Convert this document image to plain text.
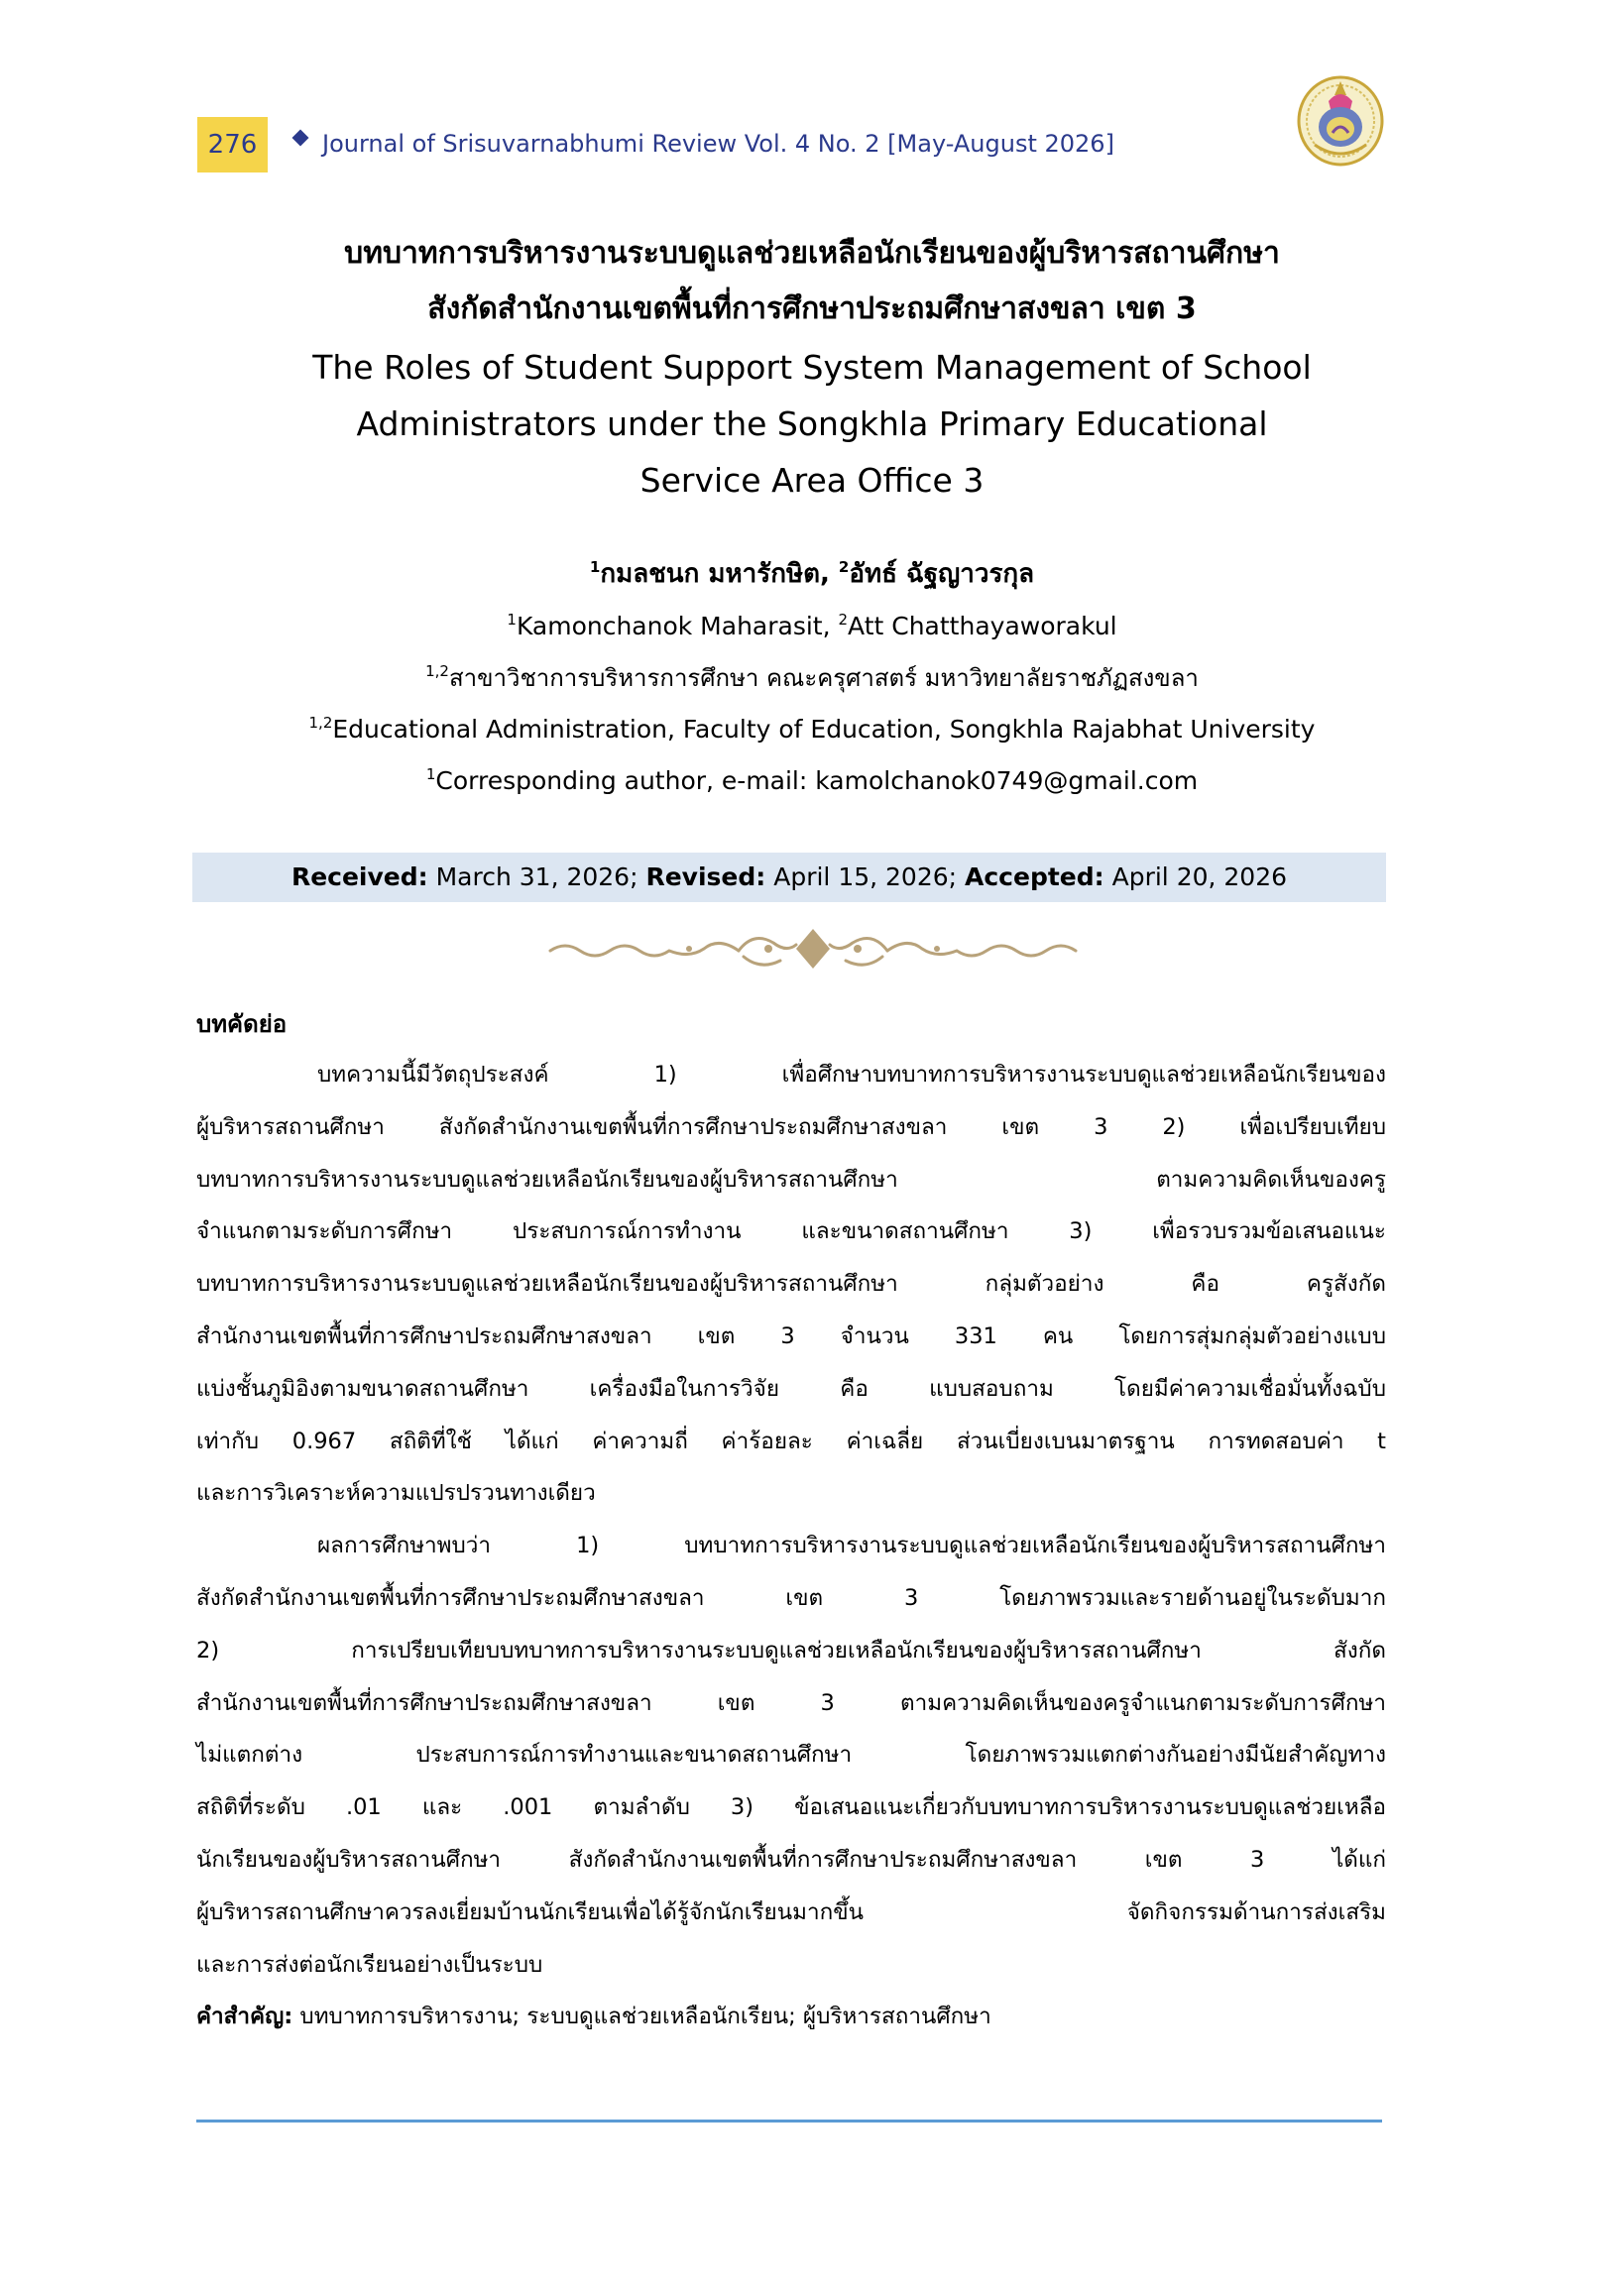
276	Journal of Srisuvarnabhumi Review Vol. 4 No. 2 [May-August 2026]
บทบาทการบริหารงานระบบดูแลช่วยเหลือนักเรียนของผู้บริหารสถานศึกษา
สังกัดสำนักงานเขตพื้นที่การศึกษาประถมศึกษาสงขลา เขต 3
The Roles of Student Support System Management of School
Administrators under the Songkhla Primary Educational
Service Area Office 3
$^1$กมลชนก มหารักษิต, $^2$อัทธ์ ฉัฐญาวรกุล
$^1$Kamonchanok Maharasit, $^2$Att Chatthayaworakul
$^{1,2}$สาขาวิชาการบริหารการศึกษา คณะครุศาสตร์ มหาวิทยาลัยราชภัฏสงขลา
$^{1,2}$Educational Administration, Faculty of Education, Songkhla Rajabhat University
$^1$Corresponding author, e-mail: kamolchanok0749@gmail.com
Received: March 31, 2026; Revised: April 15, 2026; Accepted: April 20, 2026
บทคัดย่อ
บทความนี้มีวัตถุประสงค์ 1) เพื่อศึกษาบทบาทการบริหารงานระบบดูแลช่วยเหลือนักเรียนของ
ผู้บริหารสถานศึกษา สังกัดสำนักงานเขตพื้นที่การศึกษาประถมศึกษาสงขลา เขต 3 2) เพื่อเปรียบเทียบ
บทบาทการบริหารงานระบบดูแลช่วยเหลือนักเรียนของผู้บริหารสถานศึกษา ตามความคิดเห็นของครู
จำแนกตามระดับการศึกษา ประสบการณ์การทำงาน และขนาดสถานศึกษา 3) เพื่อรวบรวมข้อเสนอแนะ
บทบาทการบริหารงานระบบดูแลช่วยเหลือนักเรียนของผู้บริหารสถานศึกษา กลุ่มตัวอย่าง คือ ครูสังกัด
สำนักงานเขตพื้นที่การศึกษาประถมศึกษาสงขลา เขต 3 จำนวน 331 คน โดยการสุ่มกลุ่มตัวอย่างแบบ
แบ่งชั้นภูมิอิงตามขนาดสถานศึกษา เครื่องมือในการวิจัย คือ แบบสอบถาม โดยมีค่าความเชื่อมั่นทั้งฉบับ
เท่ากับ 0.967 สถิติที่ใช้ ได้แก่ ค่าความถี่ ค่าร้อยละ ค่าเฉลี่ย ส่วนเบี่ยงเบนมาตรฐาน การทดสอบค่า t
และการวิเคราะห์ความแปรปรวนทางเดียว
ผลการศึกษาพบว่า 1) บทบาทการบริหารงานระบบดูแลช่วยเหลือนักเรียนของผู้บริหารสถานศึกษา
สังกัดสำนักงานเขตพื้นที่การศึกษาประถมศึกษาสงขลา เขต 3 โดยภาพรวมและรายด้านอยู่ในระดับมาก
2) การเปรียบเทียบบทบาทการบริหารงานระบบดูแลช่วยเหลือนักเรียนของผู้บริหารสถานศึกษา สังกัด
สำนักงานเขตพื้นที่การศึกษาประถมศึกษาสงขลา เขต 3 ตามความคิดเห็นของครูจำแนกตามระดับการศึกษา
ไม่แตกต่าง ประสบการณ์การทำงานและขนาดสถานศึกษา โดยภาพรวมแตกต่างกันอย่างมีนัยสำคัญทาง
สถิติที่ระดับ .01 และ .001 ตามลำดับ 3) ข้อเสนอแนะเกี่ยวกับบทบาทการบริหารงานระบบดูแลช่วยเหลือ
นักเรียนของผู้บริหารสถานศึกษา สังกัดสำนักงานเขตพื้นที่การศึกษาประถมศึกษาสงขลา เขต 3 ได้แก่
ผู้บริหารสถานศึกษาควรลงเยี่ยมบ้านนักเรียนเพื่อได้รู้จักนักเรียนมากขึ้น จัดกิจกรรมด้านการส่งเสริม
และการส่งต่อนักเรียนอย่างเป็นระบบ
คำสำคัญ: บทบาทการบริหารงาน; ระบบดูแลช่วยเหลือนักเรียน; ผู้บริหารสถานศึกษา
